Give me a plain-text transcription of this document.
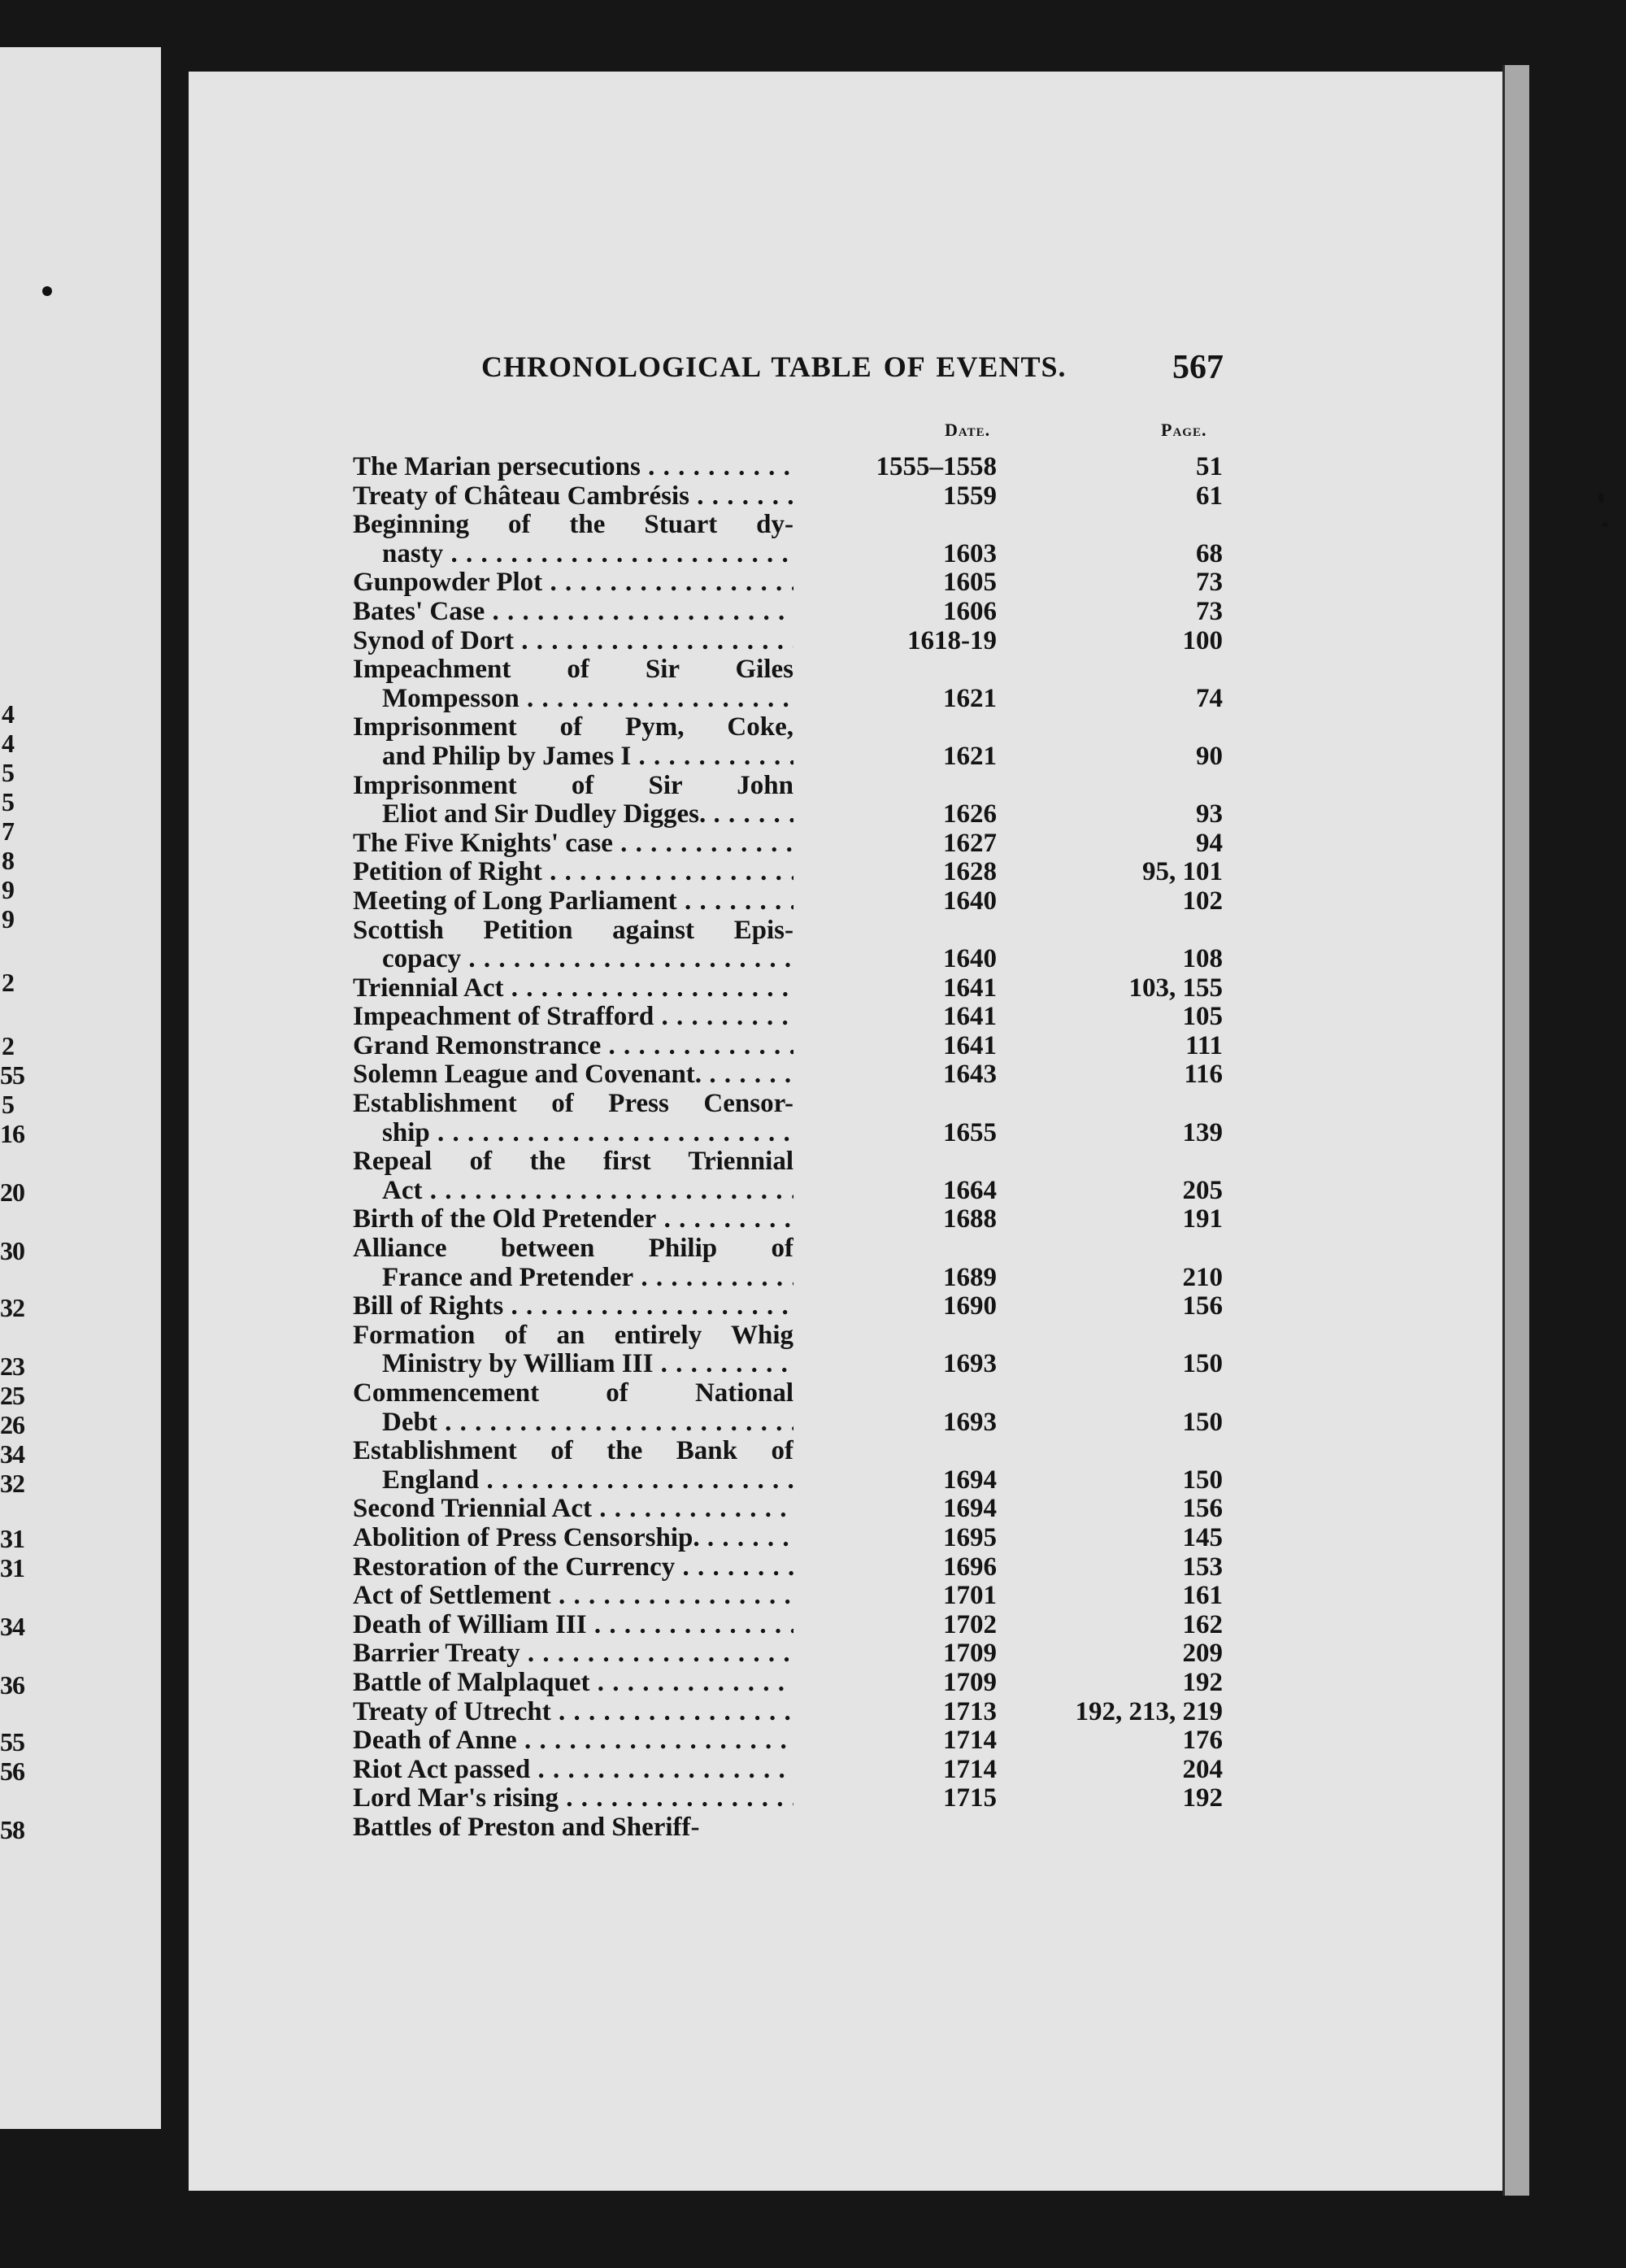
4
4
5
5
7
8
9
9
2
2
55
5
16
20
30
32
23
25
26
34
32
31
31
34
36
55
56
58
CHRONOLOGICAL TABLE OF EVENTS.	567
Date.	Page.
The Marian persecutions . . .	1555–1558	51
Treaty of Château Cambrésis . . .	1559	61
Beginning of the Stuart dy-
nasty . . .	1603	68
Gunpowder Plot . . .	1605	73
Bates' Case . . .	1606	73
Synod of Dort . . .	1618-19	100
Impeachment of Sir Giles
Mompesson . . .	1621	74
Imprisonment of Pym, Coke,
and Philip by James I . . .	1621	90
Imprisonment of Sir John
Eliot and Sir Dudley Digges. . . .	1626	93
The Five Knights' case . . .	1627	94
Petition of Right . . .	1628	95, 101
Meeting of Long Parliament . . .	1640	102
Scottish Petition against Epis-
copacy . . .	1640	108
Triennial Act . . .	1641	103, 155
Impeachment of Strafford . . .	1641	105
Grand Remonstrance . . .	1641	111
Solemn League and Covenant. . . .	1643	116
Establishment of Press Censor-
ship . . .	1655	139
Repeal of the first Triennial
Act . . .	1664	205
Birth of the Old Pretender . . .	1688	191
Alliance between Philip of
France and Pretender . . .	1689	210
Bill of Rights . . .	1690	156
Formation of an entirely Whig
Ministry by William III . . .	1693	150
Commencement of National
Debt . . .	1693	150
Establishment of the Bank of
England . . .	1694	150
Second Triennial Act . . .	1694	156
Abolition of Press Censorship. . . .	1695	145
Restoration of the Currency . . .	1696	153
Act of Settlement . . .	1701	161
Death of William III . . .	1702	162
Barrier Treaty . . .	1709	209
Battle of Malplaquet . . .	1709	192
Treaty of Utrecht . . .	1713	192, 213, 219
Death of Anne . . .	1714	176
Riot Act passed . . .	1714	204
Lord Mar's rising . . .	1715	192
Battles of Preston and Sheriff-
